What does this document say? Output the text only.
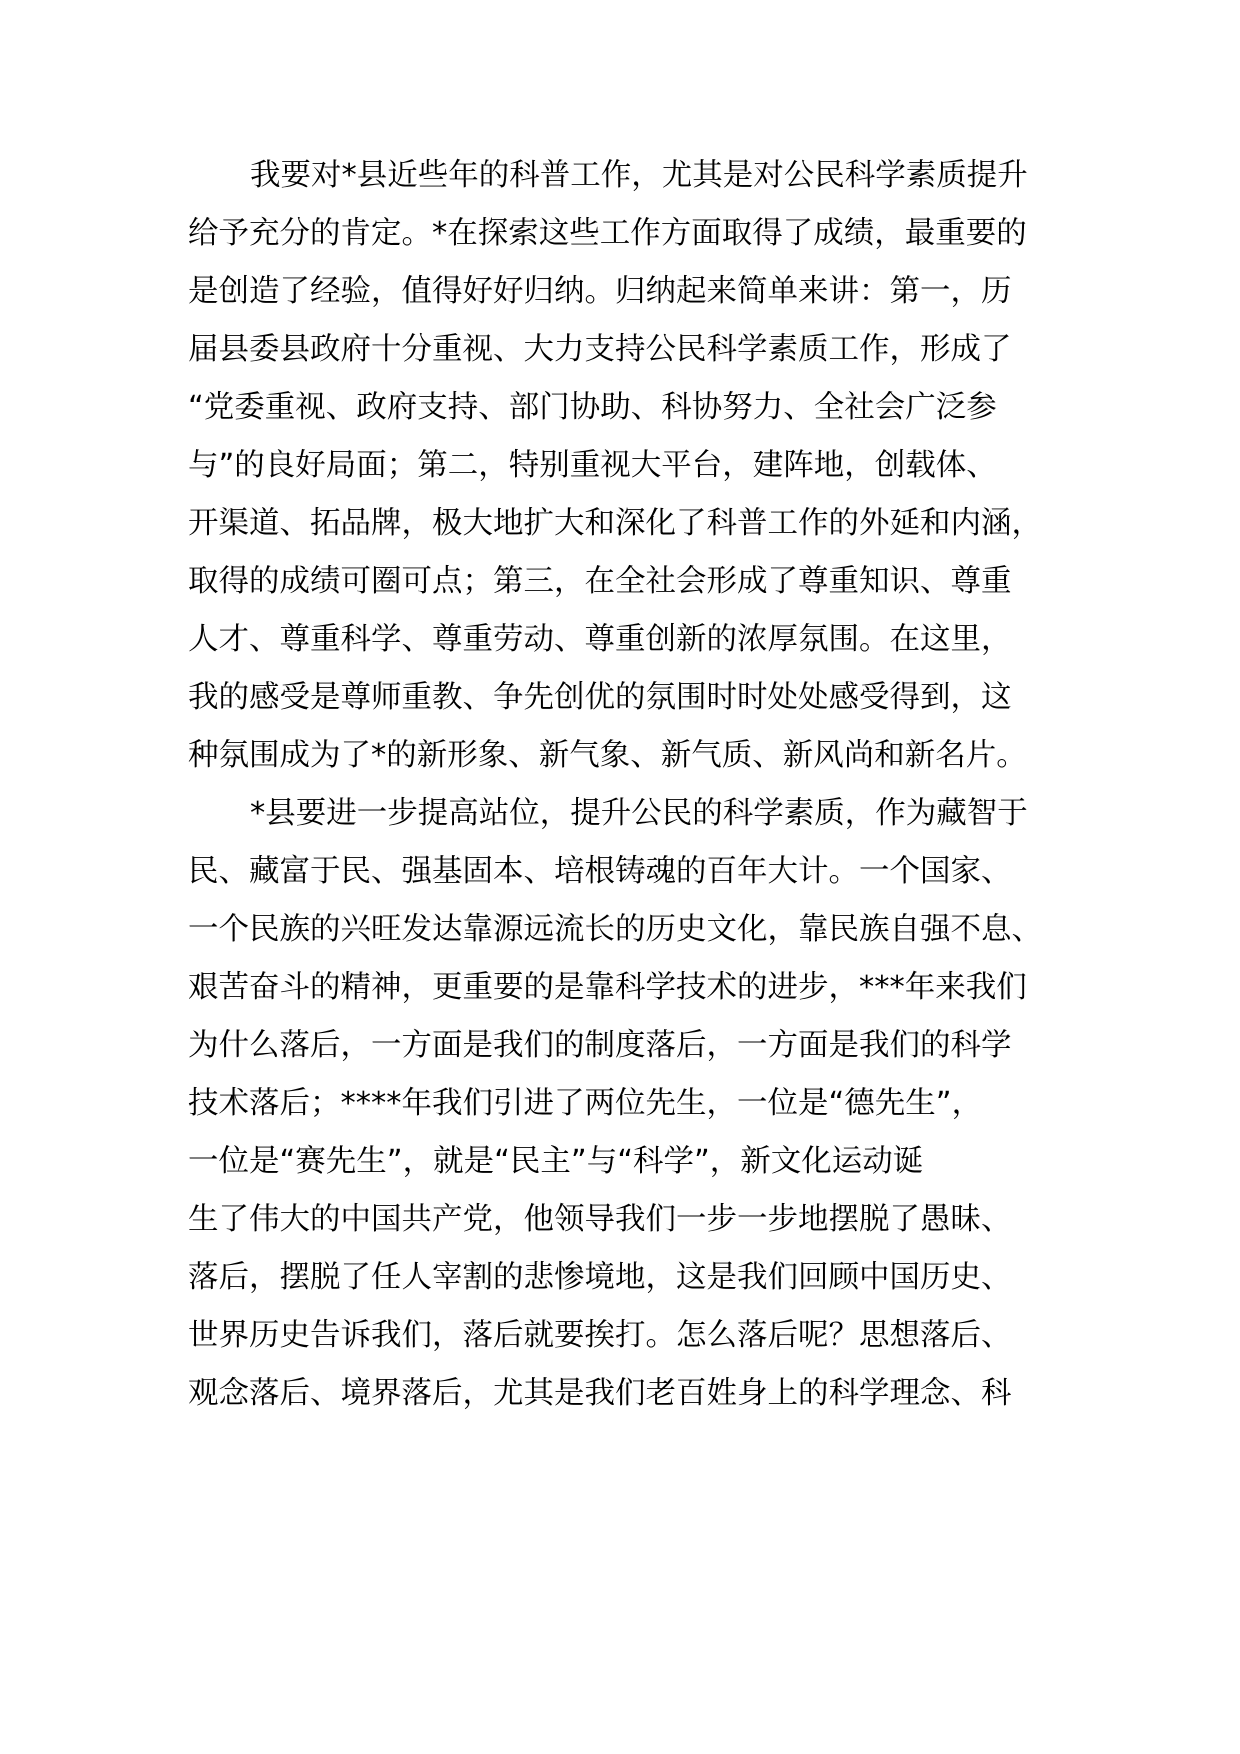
我要对*县近些年的科普工作，尤其是对公民科学素质提升
给予充分的肯定。*在探索这些工作方面取得了成绩，最重要的
是创造了经验，值得好好归纳。归纳起来简单来讲：第一，历
届县委县政府十分重视、大力支持公民科学素质工作，形成了
“党委重视、政府支持、部门协助、科协努力、全社会广泛参
与”的良好局面；第二，特别重视大平台，建阵地，创载体、
开渠道、拓品牌，极大地扩大和深化了科普工作的外延和内涵，
取得的成绩可圈可点；第三，在全社会形成了尊重知识、尊重
人才、尊重科学、尊重劳动、尊重创新的浓厚氛围。在这里，
我的感受是尊师重教、争先创优的氛围时时处处感受得到，这
种氛围成为了*的新形象、新气象、新气质、新风尚和新名片。
*县要进一步提高站位，提升公民的科学素质，作为藏智于
民、藏富于民、强基固本、培根铸魂的百年大计。一个国家、
一个民族的兴旺发达靠源远流长的历史文化，靠民族自强不息、
艰苦奋斗的精神，更重要的是靠科学技术的进步，***年来我们
为什么落后，一方面是我们的制度落后，一方面是我们的科学
技术落后；****年我们引进了两位先生，一位是“德先生”，
一位是“赛先生”，就是“民主”与“科学”，新文化运动诞
生了伟大的中国共产党，他领导我们一步一步地摆脱了愚昧、
落后，摆脱了任人宰割的悲惨境地，这是我们回顾中国历史、
世界历史告诉我们，落后就要挨打。怎么落后呢？思想落后、
观念落后、境界落后，尤其是我们老百姓身上的科学理念、科
